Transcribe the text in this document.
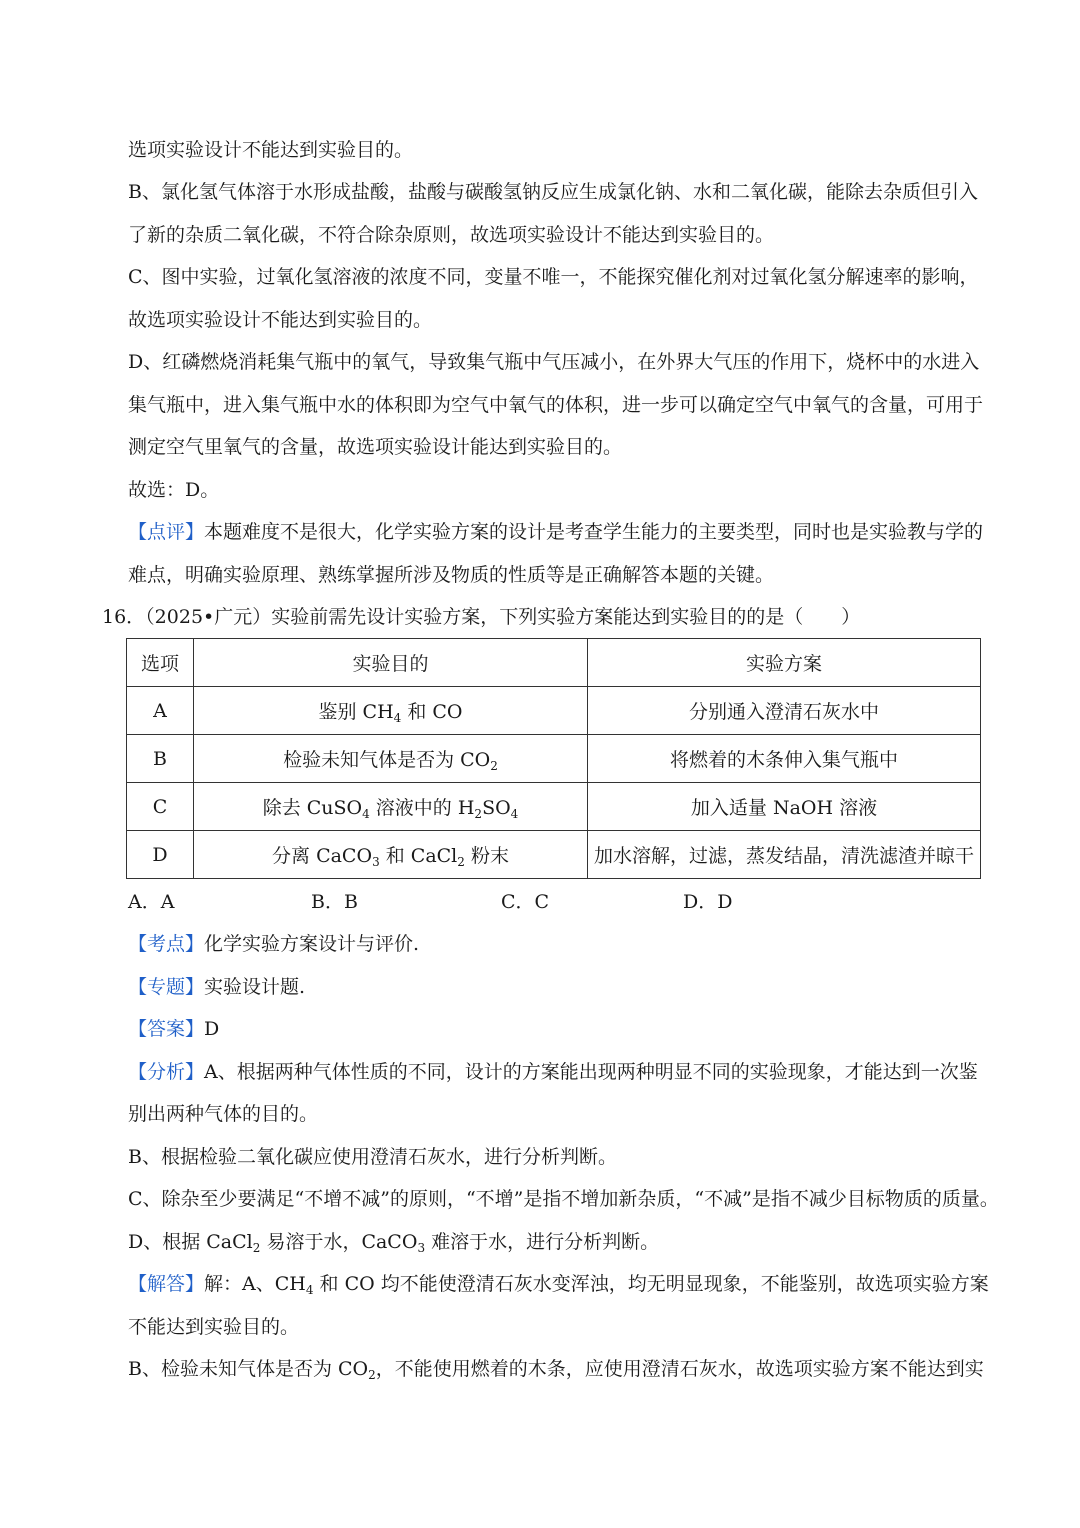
选项实验设计不能达到实验目的。
B、氯化氢气体溶于水形成盐酸，盐酸与碳酸氢钠反应生成氯化钠、水和二氧化碳，能除去杂质但引入
了新的杂质二氧化碳，不符合除杂原则，故选项实验设计不能达到实验目的。
C、图中实验，过氧化氢溶液的浓度不同，变量不唯一，不能探究催化剂对过氧化氢分解速率的影响，
故选项实验设计不能达到实验目的。
D、红磷燃烧消耗集气瓶中的氧气，导致集气瓶中气压减小，在外界大气压的作用下，烧杯中的水进入
集气瓶中，进入集气瓶中水的体积即为空气中氧气的体积，进一步可以确定空气中氧气的含量，可用于
测定空气里氧气的含量，故选项实验设计能达到实验目的。
故选：D。
【点评】本题难度不是很大，化学实验方案的设计是考查学生能力的主要类型，同时也是实验教与学的
难点，明确实验原理、熟练掌握所涉及物质的性质等是正确解答本题的关键。
16．（2025•广元）实验前需先设计实验方案，下列实验方案能达到实验目的的是（　　）
选项	实验目的	实验方案
A	鉴别 $CH_4$ 和 CO	分别通入澄清石灰水中
B	检验未知气体是否为 $CO_2$	将燃着的木条伸入集气瓶中
C	除去 CuSO$_4$ 溶液中的 $H_2SO_4$	加入适量 NaOH 溶液
D	分离 CaCO$_3$ 和 CaCl$_2$ 粉末	加水溶解，过滤，蒸发结晶，清洗滤渣并晾干
A．A	B．B	C．C	D．D
【考点】化学实验方案设计与评价.
【专题】实验设计题.
【答案】D
【分析】A、根据两种气体性质的不同，设计的方案能出现两种明显不同的实验现象，才能达到一次鉴
别出两种气体的目的。
B、根据检验二氧化碳应使用澄清石灰水，进行分析判断。
C、除杂至少要满足“不增不减”的原则，“不增”是指不增加新杂质，“不减”是指不减少目标物质的质量。
D、根据 CaCl$_2$ 易溶于水，CaCO$_3$ 难溶于水，进行分析判断。
【解答】解：A、$CH_4$ 和 CO 均不能使澄清石灰水变浑浊，均无明显现象，不能鉴别，故选项实验方案
不能达到实验目的。
B、检验未知气体是否为 $CO_2$，不能使用燃着的木条，应使用澄清石灰水，故选项实验方案不能达到实
